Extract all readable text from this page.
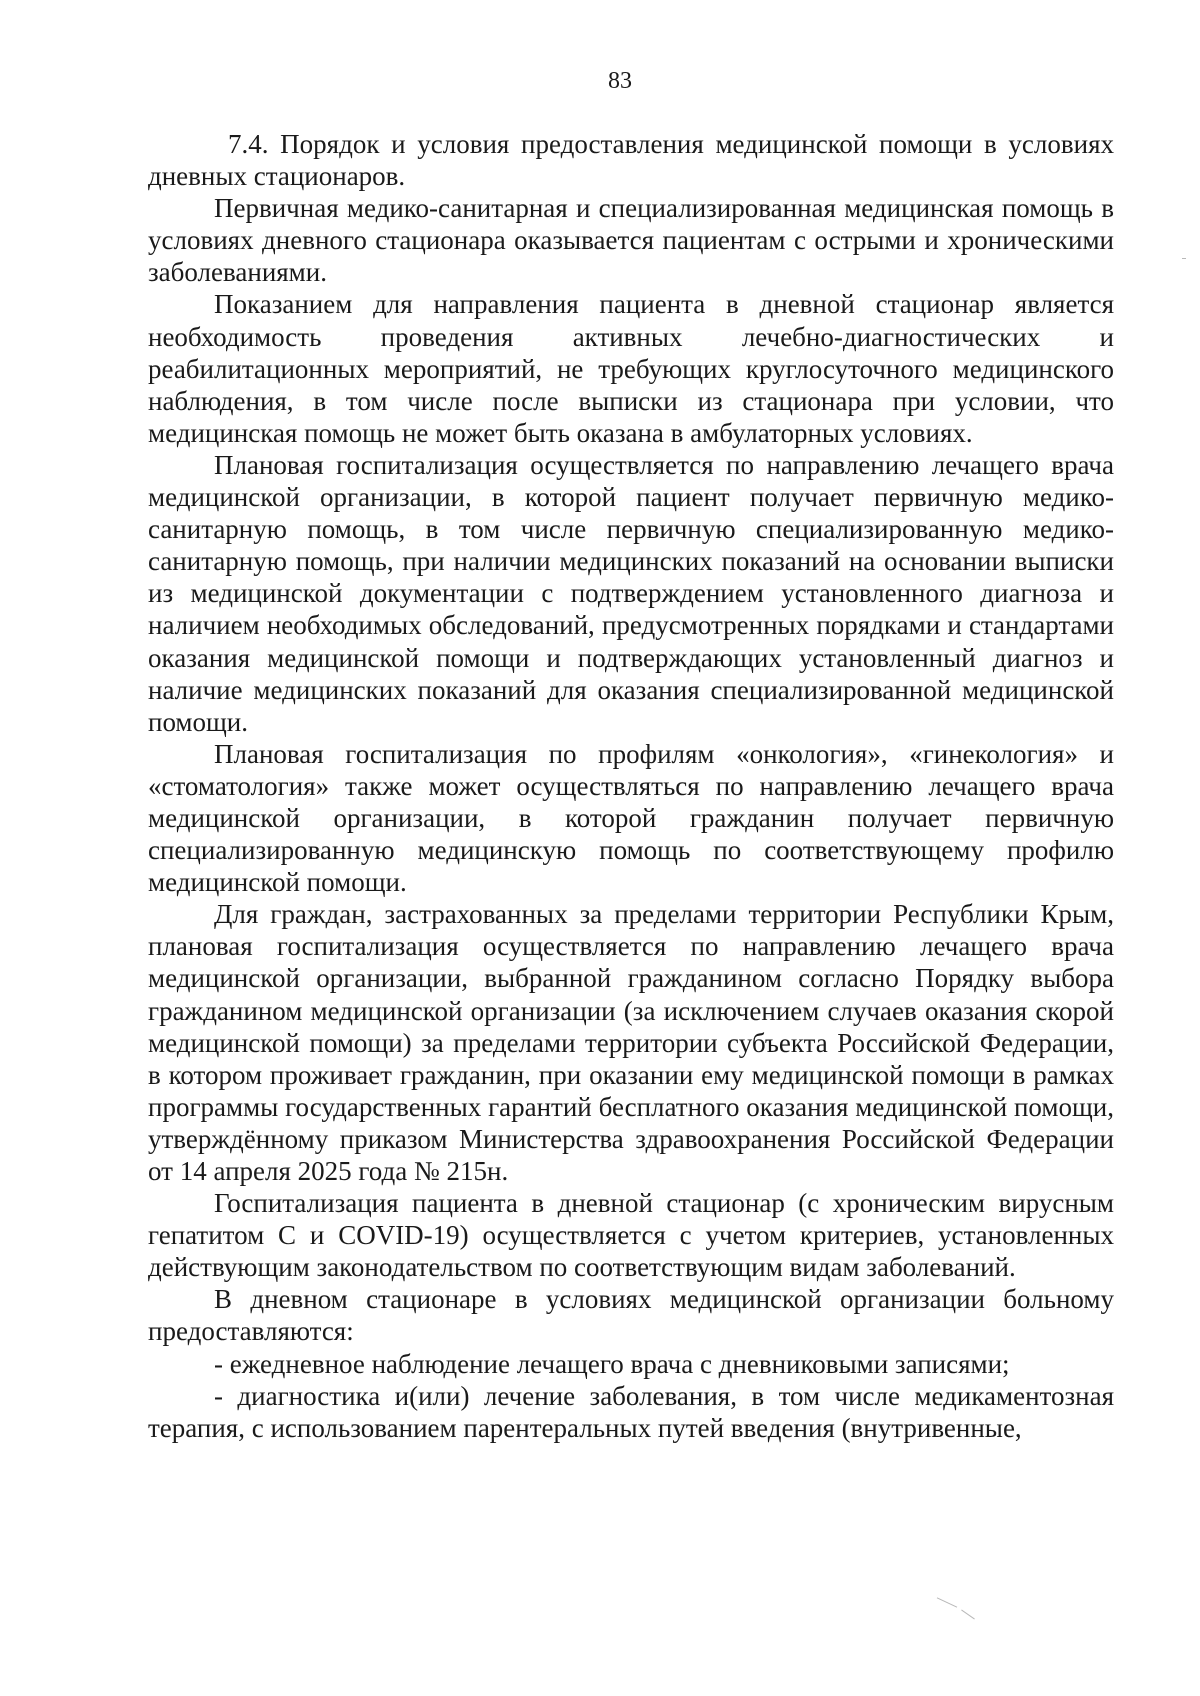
83

7.4. Порядок и условия предоставления медицинской помощи в условиях дневных стационаров.

Первичная медико-санитарная и специализированная медицинская помощь в условиях дневного стационара оказывается пациентам с острыми и хроническими заболеваниями.

Показанием для направления пациента в дневной стационар является необходимость проведения активных лечебно-диагностических и реабилитационных мероприятий, не требующих круглосуточного медицинского наблюдения, в том числе после выписки из стационара при условии, что медицинская помощь не может быть оказана в амбулаторных условиях.

Плановая госпитализация осуществляется по направлению лечащего врача медицинской организации, в которой пациент получает первичную медико-санитарную помощь, в том числе первичную специализированную медико-санитарную помощь, при наличии медицинских показаний на основании выписки из медицинской документации с подтверждением установленного диагноза и наличием необходимых обследований, предусмотренных порядками и стандартами оказания медицинской помощи и подтверждающих установленный диагноз и наличие медицинских показаний для оказания специализированной медицинской помощи.

Плановая госпитализация по профилям «онкология», «гинекология» и «стоматология» также может осуществляться по направлению лечащего врача медицинской организации, в которой гражданин получает первичную специализированную медицинскую помощь по соответствующему профилю медицинской помощи.

Для граждан, застрахованных за пределами территории Республики Крым, плановая госпитализация осуществляется по направлению лечащего врача медицинской организации, выбранной гражданином согласно Порядку выбора гражданином медицинской организации (за исключением случаев оказания скорой медицинской помощи) за пределами территории субъекта Российской Федерации, в котором проживает гражданин, при оказании ему медицинской помощи в рамках программы государственных гарантий бесплатного оказания медицинской помощи, утверждённому приказом Министерства здравоохранения Российской Федерации от 14 апреля 2025 года № 215н.

Госпитализация пациента в дневной стационар (с хроническим вирусным гепатитом С и COVID-19) осуществляется с учетом критериев, установленных действующим законодательством по соответствующим видам заболеваний.

В дневном стационаре в условиях медицинской организации больному предоставляются:

- ежедневное наблюдение лечащего врача с дневниковыми записями;

- диагностика и(или) лечение заболевания, в том числе медикаментозная терапия, с использованием парентеральных путей введения (внутривенные,
